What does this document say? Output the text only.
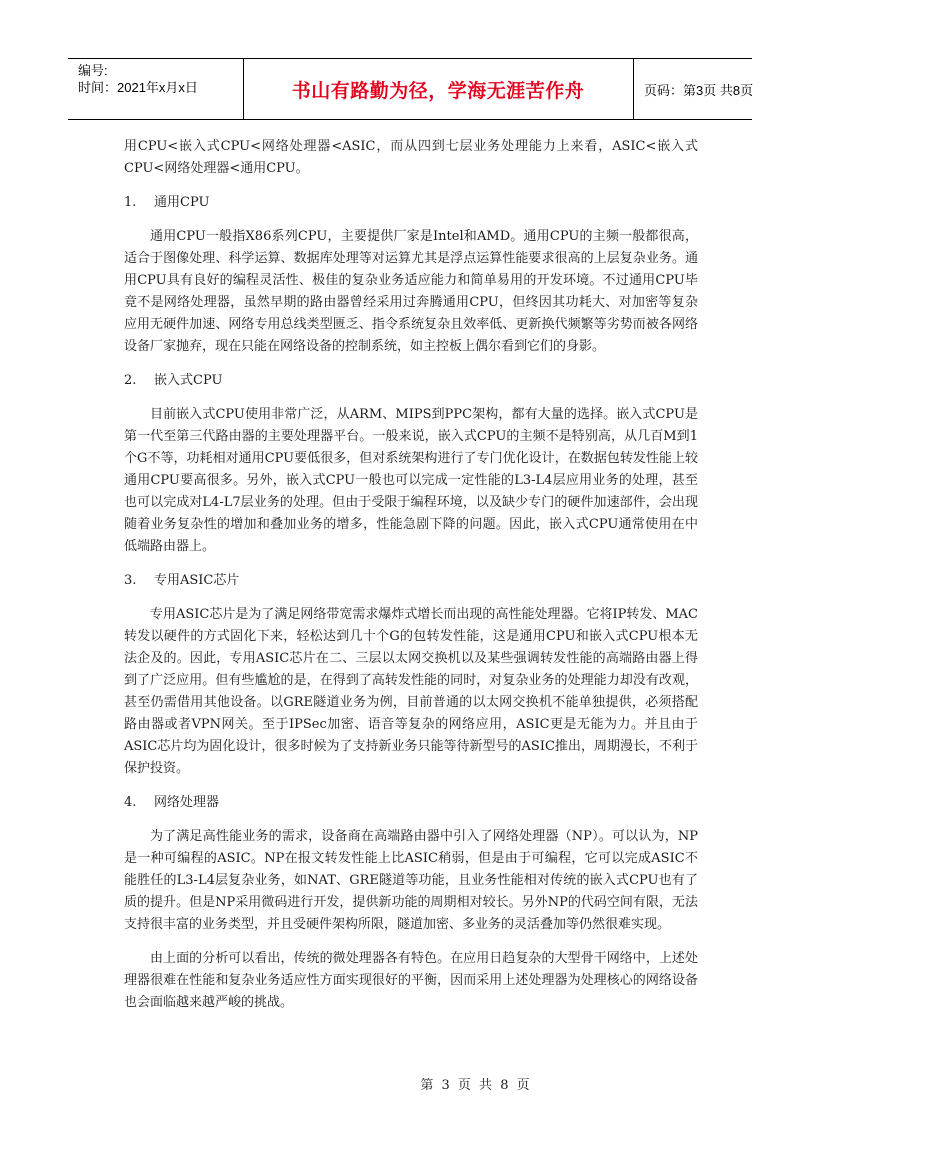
编号:
时间：2021年x月x日	书山有路勤为径，学海无涯苦作舟	页码：第3页 共8页

用CPU<嵌入式CPU<网络处理器<ASIC，而从四到七层业务处理能力上来看，ASIC<嵌入式CPU<网络处理器<通用CPU。

1.	通用CPU

通用CPU一般指X86系列CPU，主要提供厂家是Intel和AMD。通用CPU的主频一般都很高，适合于图像处理、科学运算、数据库处理等对运算尤其是浮点运算性能要求很高的上层复杂业务。通用CPU具有良好的编程灵活性、极佳的复杂业务适应能力和简单易用的开发环境。不过通用CPU毕竟不是网络处理器，虽然早期的路由器曾经采用过奔腾通用CPU，但终因其功耗大、对加密等复杂应用无硬件加速、网络专用总线类型匮乏、指令系统复杂且效率低、更新换代频繁等劣势而被各网络设备厂家抛弃，现在只能在网络设备的控制系统，如主控板上偶尔看到它们的身影。

2.	嵌入式CPU

目前嵌入式CPU使用非常广泛，从ARM、MIPS到PPC架构，都有大量的选择。嵌入式CPU是第一代至第三代路由器的主要处理器平台。一般来说，嵌入式CPU的主频不是特别高，从几百M到1个G不等，功耗相对通用CPU要低很多，但对系统架构进行了专门优化设计，在数据包转发性能上较通用CPU要高很多。另外，嵌入式CPU一般也可以完成一定性能的L3-L4层应用业务的处理，甚至也可以完成对L4-L7层业务的处理。但由于受限于编程环境，以及缺少专门的硬件加速部件，会出现随着业务复杂性的增加和叠加业务的增多，性能急剧下降的问题。因此，嵌入式CPU通常使用在中低端路由器上。

3.	专用ASIC芯片

专用ASIC芯片是为了满足网络带宽需求爆炸式增长而出现的高性能处理器。它将IP转发、MAC转发以硬件的方式固化下来，轻松达到几十个G的包转发性能，这是通用CPU和嵌入式CPU根本无法企及的。因此，专用ASIC芯片在二、三层以太网交换机以及某些强调转发性能的高端路由器上得到了广泛应用。但有些尴尬的是，在得到了高转发性能的同时，对复杂业务的处理能力却没有改观，甚至仍需借用其他设备。以GRE隧道业务为例，目前普通的以太网交换机不能单独提供，必须搭配路由器或者VPN网关。至于IPSec加密、语音等复杂的网络应用，ASIC更是无能为力。并且由于ASIC芯片均为固化设计，很多时候为了支持新业务只能等待新型号的ASIC推出，周期漫长，不利于保护投资。

4.	网络处理器

为了满足高性能业务的需求，设备商在高端路由器中引入了网络处理器（NP）。可以认为，NP是一种可编程的ASIC。NP在报文转发性能上比ASIC稍弱，但是由于可编程，它可以完成ASIC不能胜任的L3-L4层复杂业务，如NAT、GRE隧道等功能，且业务性能相对传统的嵌入式CPU也有了质的提升。但是NP采用微码进行开发，提供新功能的周期相对较长。另外NP的代码空间有限，无法支持很丰富的业务类型，并且受硬件架构所限，隧道加密、多业务的灵活叠加等仍然很难实现。

由上面的分析可以看出，传统的微处理器各有特色。在应用日趋复杂的大型骨干网络中，上述处理器很难在性能和复杂业务适应性方面实现很好的平衡，因而采用上述处理器为处理核心的网络设备也会面临越来越严峻的挑战。

第 3 页 共 8 页
